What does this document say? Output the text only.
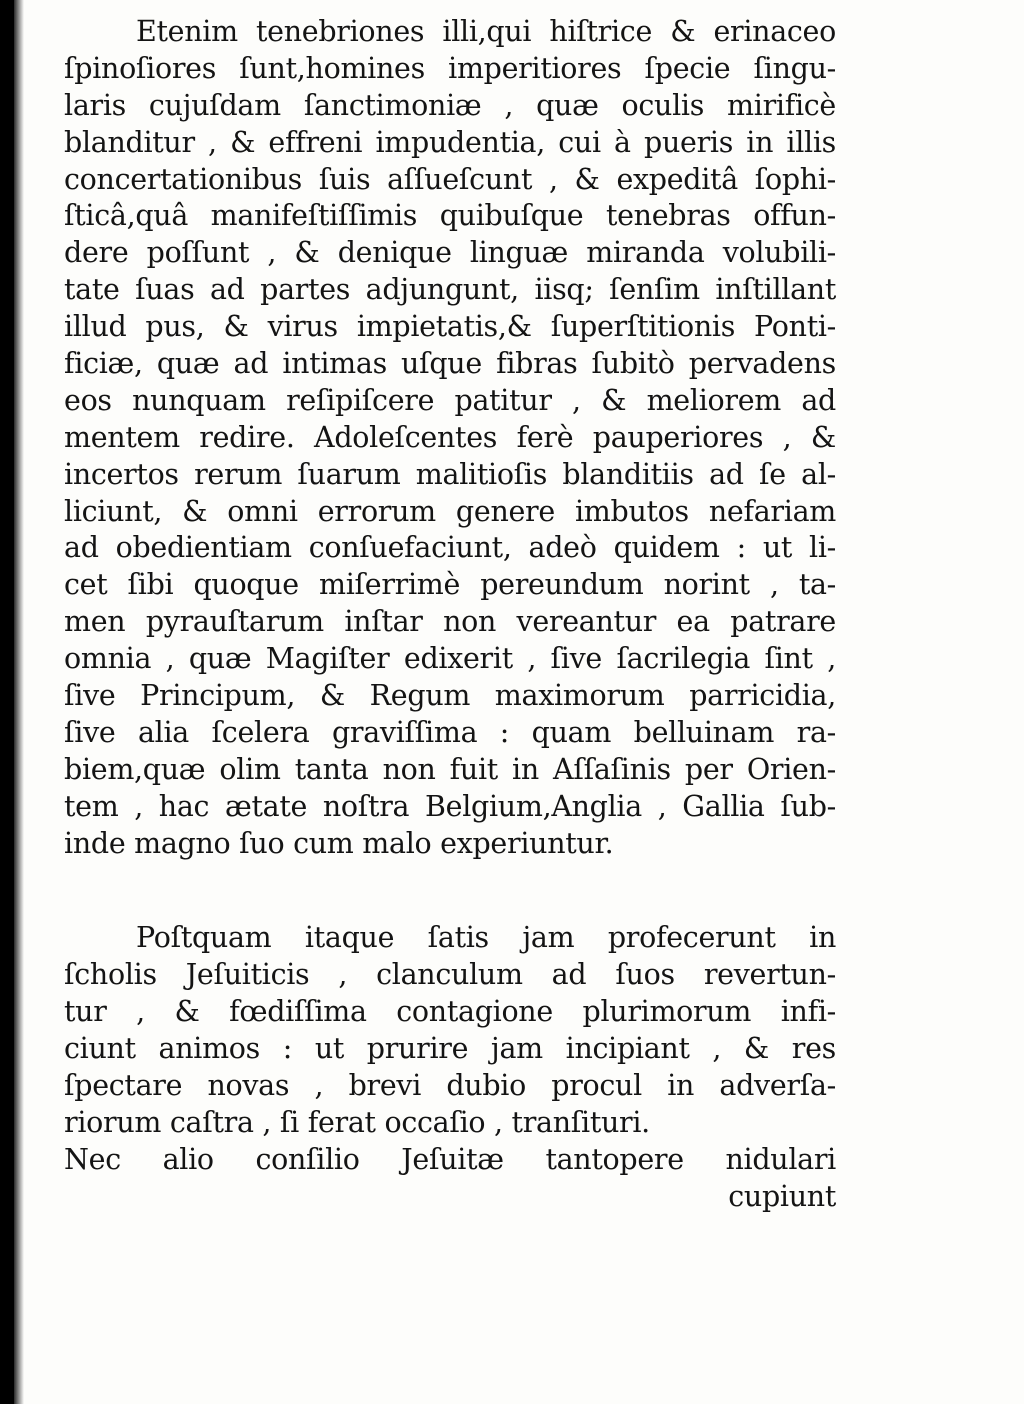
Etenim tenebriones illi,qui hiſtrice & erinaceo
ſpinoſiores ſunt,homines imperitiores ſpecie ſingu-
laris cujuſdam ſanctimoniæ , quæ oculis mirificè
blanditur , & effreni impudentia, cui à pueris in illis
concertationibus ſuis aſſueſcunt , & expeditâ ſophi-
ſticâ,quâ manifeſtiſſimis quibuſque tenebras offun-
dere poſſunt , & denique linguæ miranda volubili-
tate ſuas ad partes adjungunt, iisq; ſenſim inſtillant
illud pus, & virus impietatis,& ſuperſtitionis Ponti-
ficiæ, quæ ad intimas uſque fibras ſubitò pervadens
eos nunquam reſipiſcere patitur , & meliorem ad
mentem redire. Adoleſcentes ferè pauperiores , &
incertos rerum ſuarum malitioſis blanditiis ad ſe al-
liciunt, & omni errorum genere imbutos nefariam
ad obedientiam conſuefaciunt, adeò quidem : ut li-
cet ſibi quoque miſerrimè pereundum norint , ta-
men pyrauſtarum inſtar non vereantur ea patrare
omnia , quæ Magiſter edixerit , ſive ſacrilegia ſint ,
ſive Principum, & Regum maximorum parricidia,
ſive alia ſcelera graviſſima : quam belluinam ra-
biem,quæ olim tanta non fuit in Aſſaſinis per Orien-
tem , hac ætate noſtra Belgium,Anglia , Gallia ſub-
inde magno ſuo cum malo experiuntur.
Poſtquam itaque ſatis jam profecerunt in
ſcholis Jeſuiticis , clanculum ad ſuos revertun-
tur , & fœdiſſima contagione plurimorum infi-
ciunt animos : ut prurire jam incipiant , & res
ſpectare novas , brevi dubio procul in adverſa-
riorum caſtra , ſi ferat occaſio , tranſituri.
Nec alio conſilio Jeſuitæ tantopere nidulari
cupiunt
